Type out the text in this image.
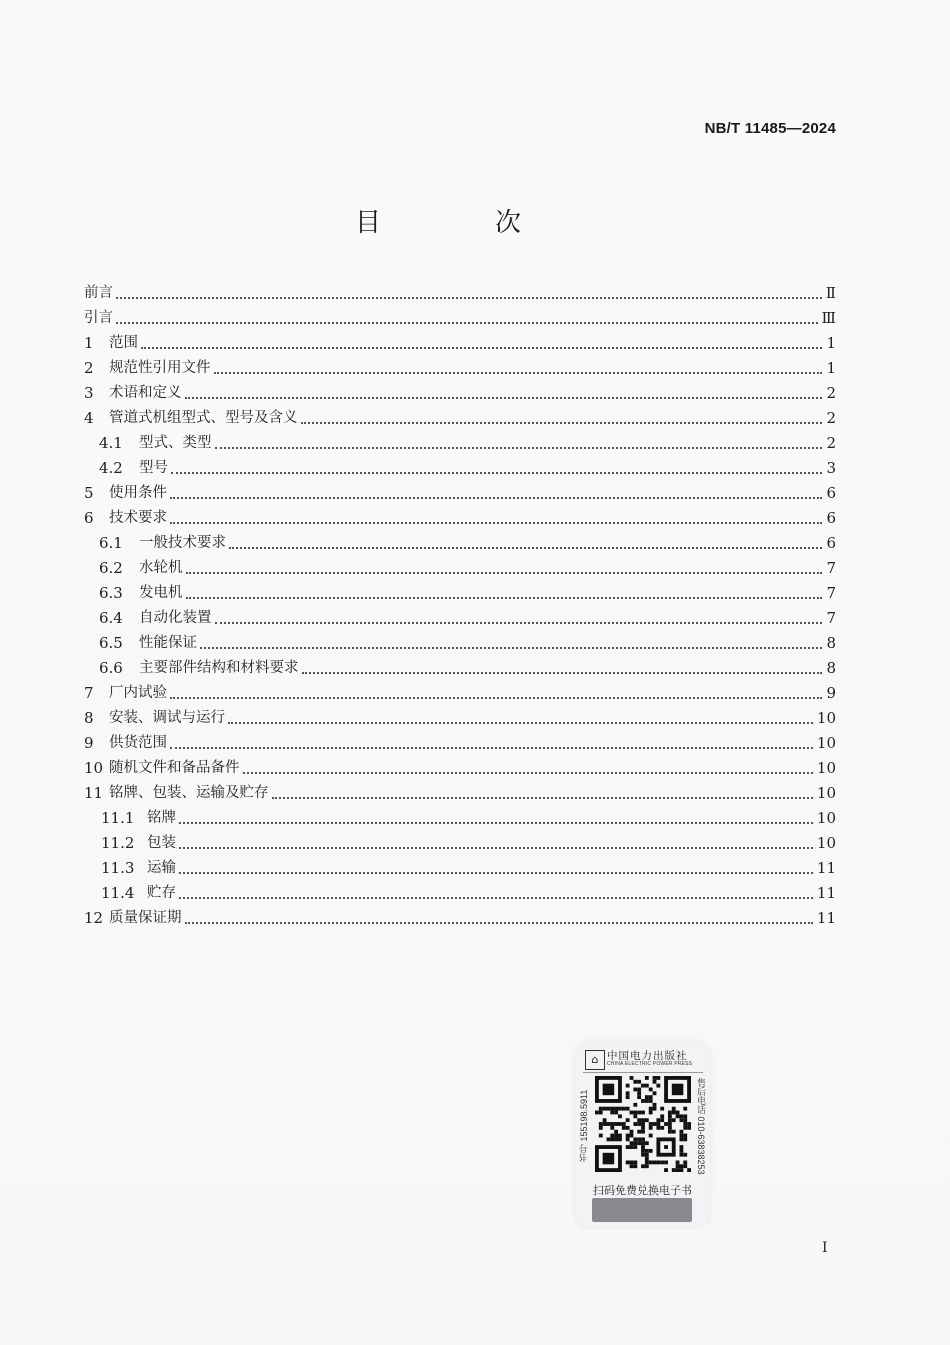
NB/T 11485—2024
目　次
前言	Ⅱ
引言	Ⅲ
1	范围	1
2	规范性引用文件	1
3	术语和定义	2
4	管道式机组型式、型号及含义	2
4.1	型式、类型	2
4.2	型号	3
5	使用条件	6
6	技术要求	6
6.1	一般技术要求	6
6.2	水轮机	7
6.3	发电机	7
6.4	自动化装置	7
6.5	性能保证	8
6.6	主要部件结构和材料要求	8
7	厂内试验	9
8	安装、调试与运行	10
9	供货范围	10
10 随机文件和备品备件	10
11 铭牌、包装、运输及贮存	10
11.1 铭牌	10
11.2 包装	10
11.3 运输	11
11.4 贮存	11
12 质量保证期	11
⌂ 中国电力出版社
CHINA ELECTRIC POWER PRESS
书号 155198.5911	售后电话 010-63838253
扫码免费兑换电子书
I
